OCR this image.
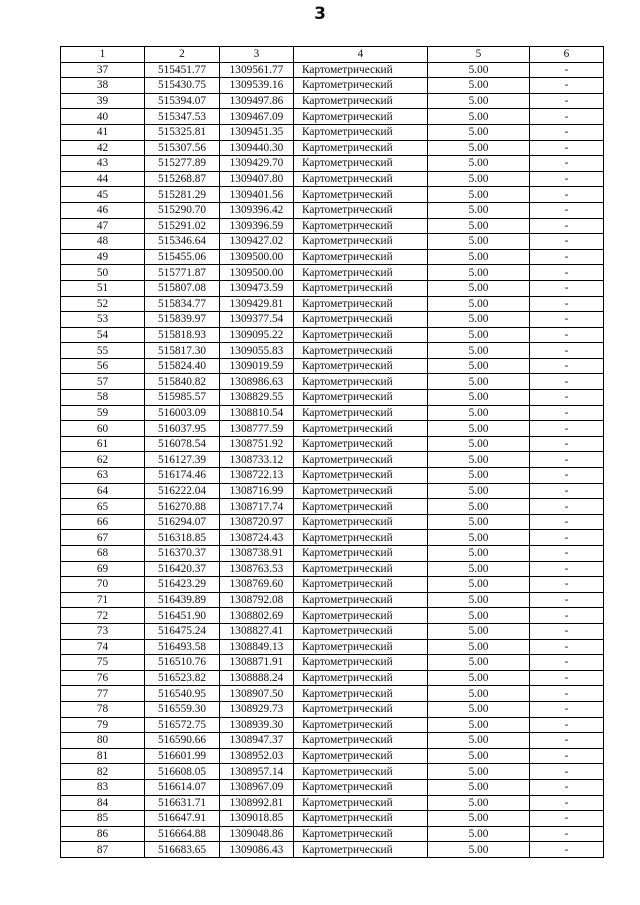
3
1	2	3	4	5	6
37	515451.77	1309561.77	Картометрический	5.00	-
38	515430.75	1309539.16	Картометрический	5.00	-
39	515394.07	1309497.86	Картометрический	5.00	-
40	515347.53	1309467.09	Картометрический	5.00	-
41	515325.81	1309451.35	Картометрический	5.00	-
42	515307.56	1309440.30	Картометрический	5.00	-
43	515277.89	1309429.70	Картометрический	5.00	-
44	515268.87	1309407.80	Картометрический	5.00	-
45	515281.29	1309401.56	Картометрический	5.00	-
46	515290.70	1309396.42	Картометрический	5.00	-
47	515291.02	1309396.59	Картометрический	5.00	-
48	515346.64	1309427.02	Картометрический	5.00	-
49	515455.06	1309500.00	Картометрический	5.00	-
50	515771.87	1309500.00	Картометрический	5.00	-
51	515807.08	1309473.59	Картометрический	5.00	-
52	515834.77	1309429.81	Картометрический	5.00	-
53	515839.97	1309377.54	Картометрический	5.00	-
54	515818.93	1309095.22	Картометрический	5.00	-
55	515817.30	1309055.83	Картометрический	5.00	-
56	515824.40	1309019.59	Картометрический	5.00	-
57	515840.82	1308986.63	Картометрический	5.00	-
58	515985.57	1308829.55	Картометрический	5.00	-
59	516003.09	1308810.54	Картометрический	5.00	-
60	516037.95	1308777.59	Картометрический	5.00	-
61	516078.54	1308751.92	Картометрический	5.00	-
62	516127.39	1308733.12	Картометрический	5.00	-
63	516174.46	1308722.13	Картометрический	5.00	-
64	516222.04	1308716.99	Картометрический	5.00	-
65	516270.88	1308717.74	Картометрический	5.00	-
66	516294.07	1308720.97	Картометрический	5.00	-
67	516318.85	1308724.43	Картометрический	5.00	-
68	516370.37	1308738.91	Картометрический	5.00	-
69	516420.37	1308763.53	Картометрический	5.00	-
70	516423.29	1308769.60	Картометрический	5.00	-
71	516439.89	1308792.08	Картометрический	5.00	-
72	516451.90	1308802.69	Картометрический	5.00	-
73	516475.24	1308827.41	Картометрический	5.00	-
74	516493.58	1308849.13	Картометрический	5.00	-
75	516510.76	1308871.91	Картометрический	5.00	-
76	516523.82	1308888.24	Картометрический	5.00	-
77	516540.95	1308907.50	Картометрический	5.00	-
78	516559.30	1308929.73	Картометрический	5.00	-
79	516572.75	1308939.30	Картометрический	5.00	-
80	516590.66	1308947.37	Картометрический	5.00	-
81	516601.99	1308952.03	Картометрический	5.00	-
82	516608.05	1308957.14	Картометрический	5.00	-
83	516614.07	1308967.09	Картометрический	5.00	-
84	516631.71	1308992.81	Картометрический	5.00	-
85	516647.91	1309018.85	Картометрический	5.00	-
86	516664.88	1309048.86	Картометрический	5.00	-
87	516683.65	1309086.43	Картометрический	5.00	-
